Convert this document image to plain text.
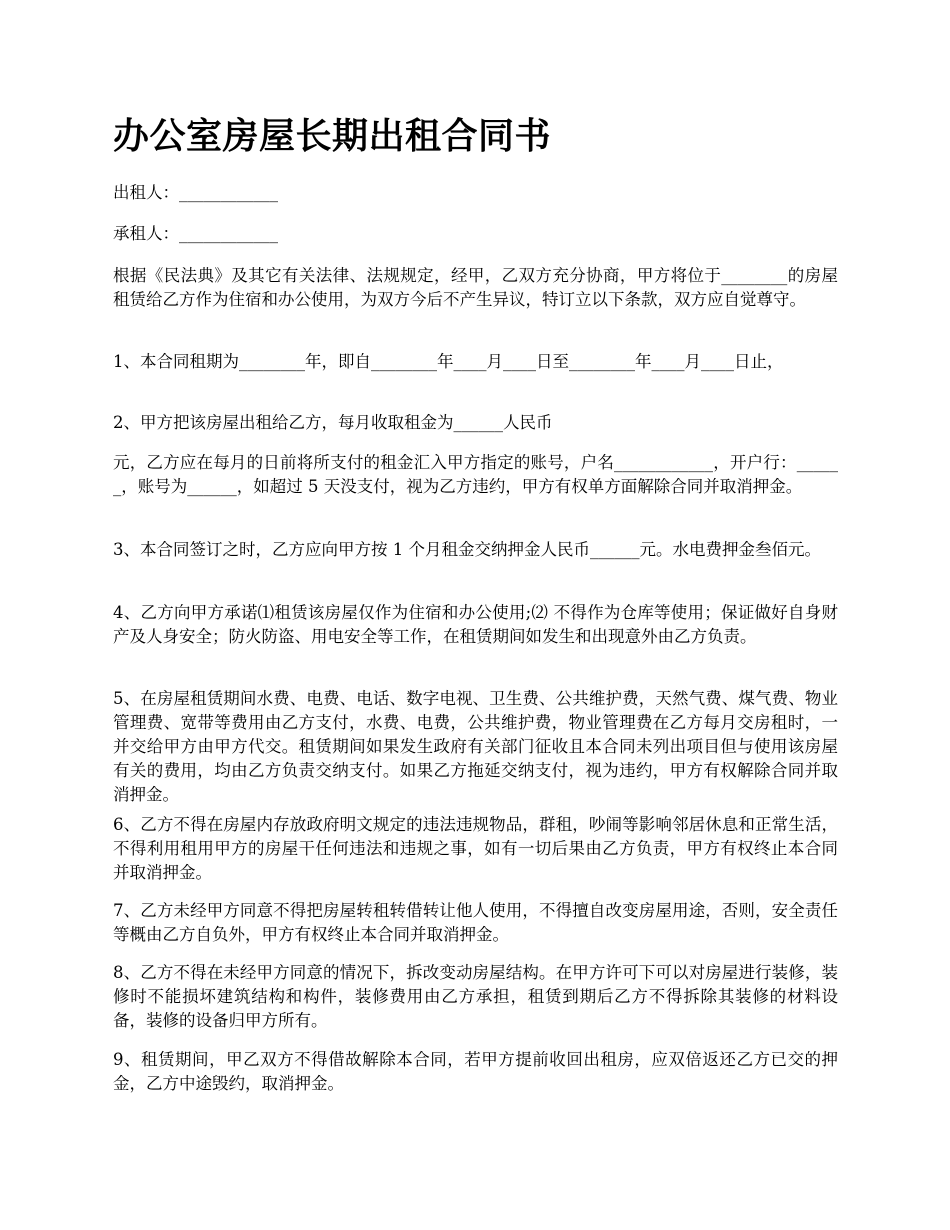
办公室房屋长期出租合同书

出租人：____________

承租人：____________

根据《民法典》及其它有关法律、法规规定，经甲，乙双方充分协商，甲方将位于________的房屋租赁给乙方作为住宿和办公使用，为双方今后不产生异议，特订立以下条款，双方应自觉尊守。

1、本合同租期为________年，即自________年____月____日至________年____月____日止，

2、甲方把该房屋出租给乙方，每月收取租金为______人民币

元，乙方应在每月的日前将所支付的租金汇入甲方指定的账号，户名____________，开户行：______，账号为______，如超过 5 天没支付，视为乙方违约，甲方有权单方面解除合同并取消押金。

3、本合同签订之时，乙方应向甲方按 1 个月租金交纳押金人民币______元。水电费押金叁佰元。

4、乙方向甲方承诺⑴租赁该房屋仅作为住宿和办公使用;⑵ 不得作为仓库等使用；保证做好自身财产及人身安全；防火防盗、用电安全等工作，在租赁期间如发生和出现意外由乙方负责。

5、在房屋租赁期间水费、电费、电话、数字电视、卫生费、公共维护费，天然气费、煤气费、物业管理费、宽带等费用由乙方支付，水费、电费，公共维护费，物业管理费在乙方每月交房租时，一并交给甲方由甲方代交。租赁期间如果发生政府有关部门征收且本合同未列出项目但与使用该房屋有关的费用，均由乙方负责交纳支付。如果乙方拖延交纳支付，视为违约，甲方有权解除合同并取消押金。

6、乙方不得在房屋内存放政府明文规定的违法违规物品，群租，吵闹等影响邻居休息和正常生活，不得利用租用甲方的房屋干任何违法和违规之事，如有一切后果由乙方负责，甲方有权终止本合同并取消押金。

7、乙方未经甲方同意不得把房屋转租转借转让他人使用，不得擅自改变房屋用途，否则，安全责任等概由乙方自负外，甲方有权终止本合同并取消押金。

8、乙方不得在未经甲方同意的情况下，拆改变动房屋结构。在甲方许可下可以对房屋进行装修，装修时不能损坏建筑结构和构件，装修费用由乙方承担，租赁到期后乙方不得拆除其装修的材料设备，装修的设备归甲方所有。

9、租赁期间，甲乙双方不得借故解除本合同，若甲方提前收回出租房，应双倍返还乙方已交的押金，乙方中途毁约，取消押金。
